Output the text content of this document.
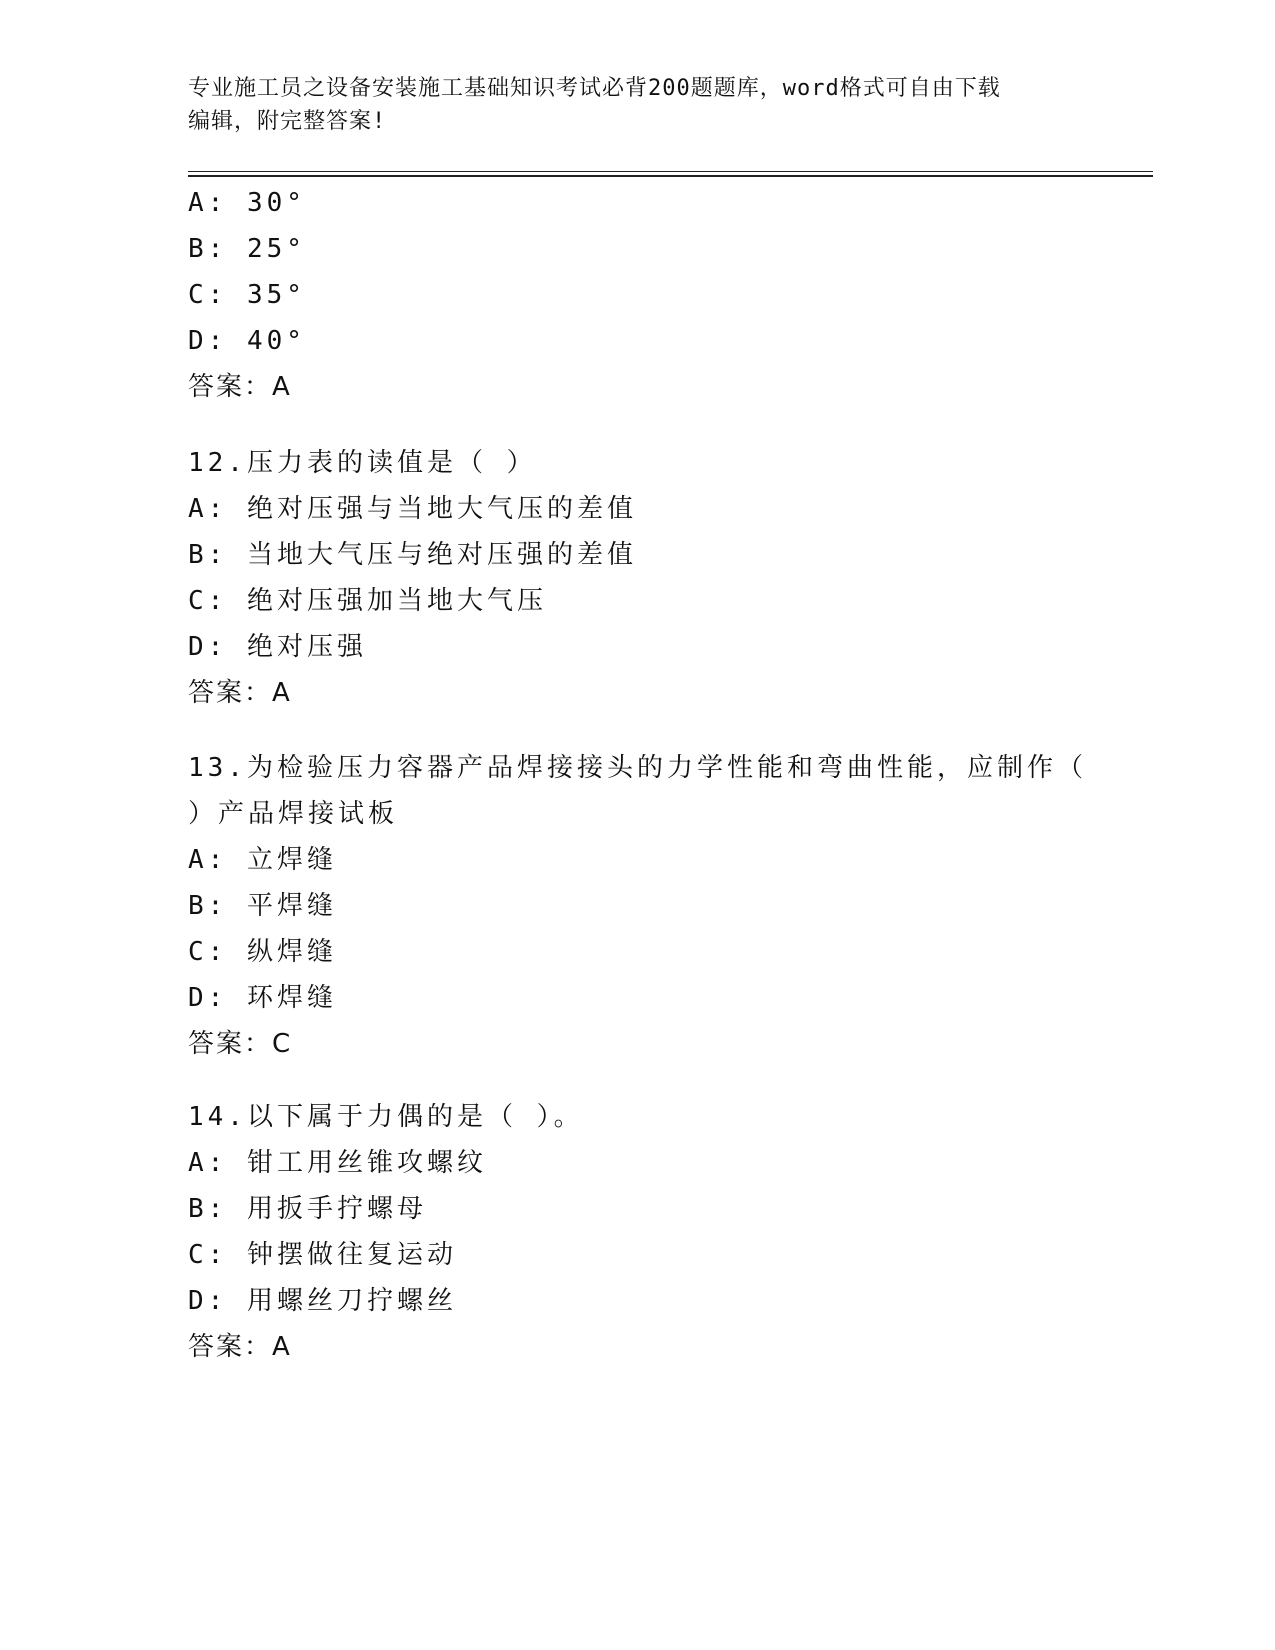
专业施工员之设备安装施工基础知识考试必背200题题库，word格式可自由下载
编辑，附完整答案!
A: 30°
B: 25°
C: 35°
D: 40°
答案：A
12.压力表的读值是（ ）
A: 绝对压强与当地大气压的差值
B: 当地大气压与绝对压强的差值
C: 绝对压强加当地大气压
D: 绝对压强
答案：A
13.为检验压力容器产品焊接接头的力学性能和弯曲性能，应制作（
）产品焊接试板
A: 立焊缝
B: 平焊缝
C: 纵焊缝
D: 环焊缝
答案：C
14.以下属于力偶的是（ ）。
A: 钳工用丝锥攻螺纹
B: 用扳手拧螺母
C: 钟摆做往复运动
D: 用螺丝刀拧螺丝
答案：A
